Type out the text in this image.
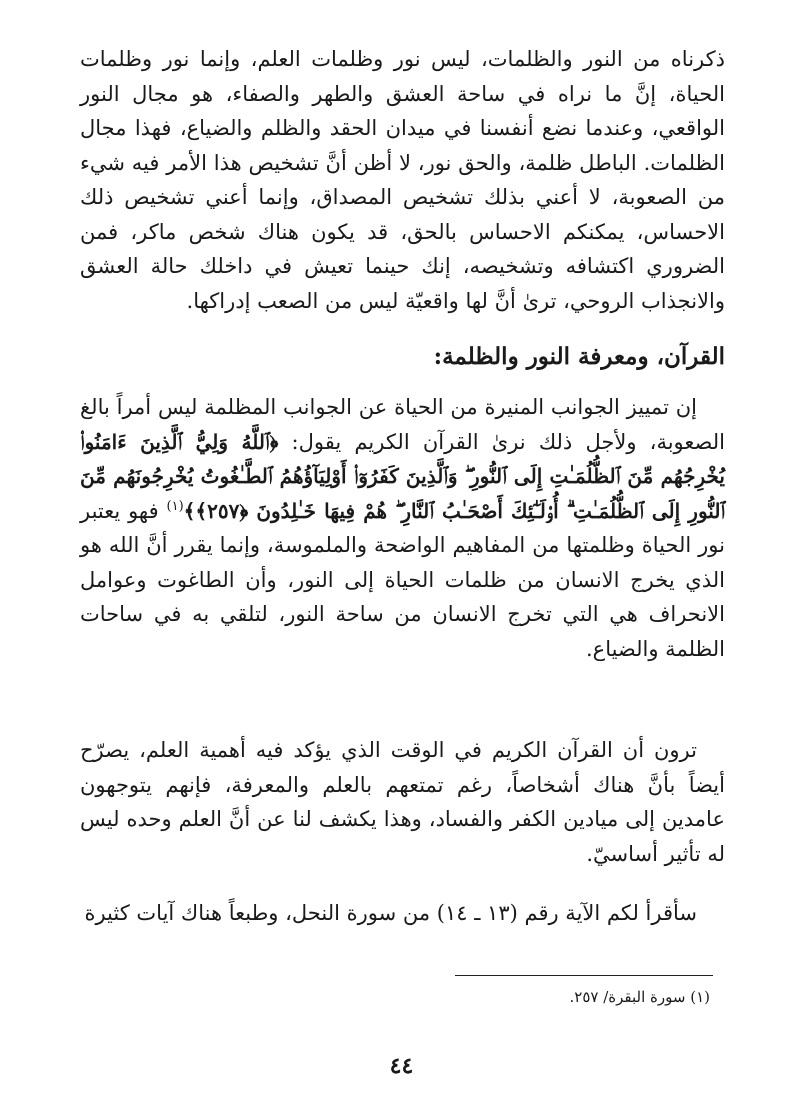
ذكرناه من النور والظلمات، ليس نور وظلمات العلم، وإنما نور وظلمات الحياة، إنَّ ما نراه في ساحة العشق والطهر والصفاء، هو مجال النور الواقعي، وعندما نضع أنفسنا في ميدان الحقد والظلم والضياع، فهذا مجال الظلمات. الباطل ظلمة، والحق نور، لا أظن أنَّ تشخيص هذا الأمر فيه شيء من الصعوبة، لا أعني بذلك تشخيص المصداق، وإنما أعني تشخيص ذلك الاحساس، يمكنكم الاحساس بالحق، قد يكون هناك شخص ماكر، فمن الضروري اكتشافه وتشخيصه، إنك حينما تعيش في داخلك حالة العشق والانجذاب الروحي، ترىٰ أنَّ لها واقعيّة ليس من الصعب إدراكها.

القرآن، ومعرفة النور والظلمة:

إن تمييز الجوانب المنيرة من الحياة عن الجوانب المظلمة ليس أمراً بالغ الصعوبة، ولأجل ذلك نرىٰ القرآن الكريم يقول: ﴿ٱللَّهُ وَلِيُّ ٱلَّذِينَ ءَامَنُوا۟ يُخْرِجُهُم مِّنَ ٱلظُّلُمَـٰتِ إِلَى ٱلنُّورِ ۖ وَٱلَّذِينَ كَفَرُوٓا۟ أَوْلِيَآؤُهُمُ ٱلطَّـٰغُوتُ يُخْرِجُونَهُم مِّنَ ٱلنُّورِ إِلَى ٱلظُّلُمَـٰتِ ۗ أُو۟لَـٰٓئِكَ أَصْحَـٰبُ ٱلنَّارِ ۖ هُمْ فِيهَا خَـٰلِدُونَ ﴿٢٥٧﴾﴾$^{(١)}$ فهو يعتبر نور الحياة وظلمتها من المفاهيم الواضحة والملموسة، وإنما يقرر أنَّ الله هو الذي يخرج الانسان من ظلمات الحياة إلى النور، وأن الطاغوت وعوامل الانحراف هي التي تخرج الانسان من ساحة النور، لتلقي به في ساحات الظلمة والضياع.

ترون أن القرآن الكريم في الوقت الذي يؤكد فيه أهمية العلم، يصرّح أيضاً بأنَّ هناك أشخاصاً، رغم تمتعهم بالعلم والمعرفة، فإنهم يتوجهون عامدين إلى ميادين الكفر والفساد، وهذا يكشف لنا عن أنَّ العلم وحده ليس له تأثير أساسيّ.

سأقرأ لكم الآية رقم (١٣ ـ ١٤) من سورة النحل، وطبعاً هناك آيات كثيرة

(١) سورة البقرة/ ٢٥٧.

٤٤
